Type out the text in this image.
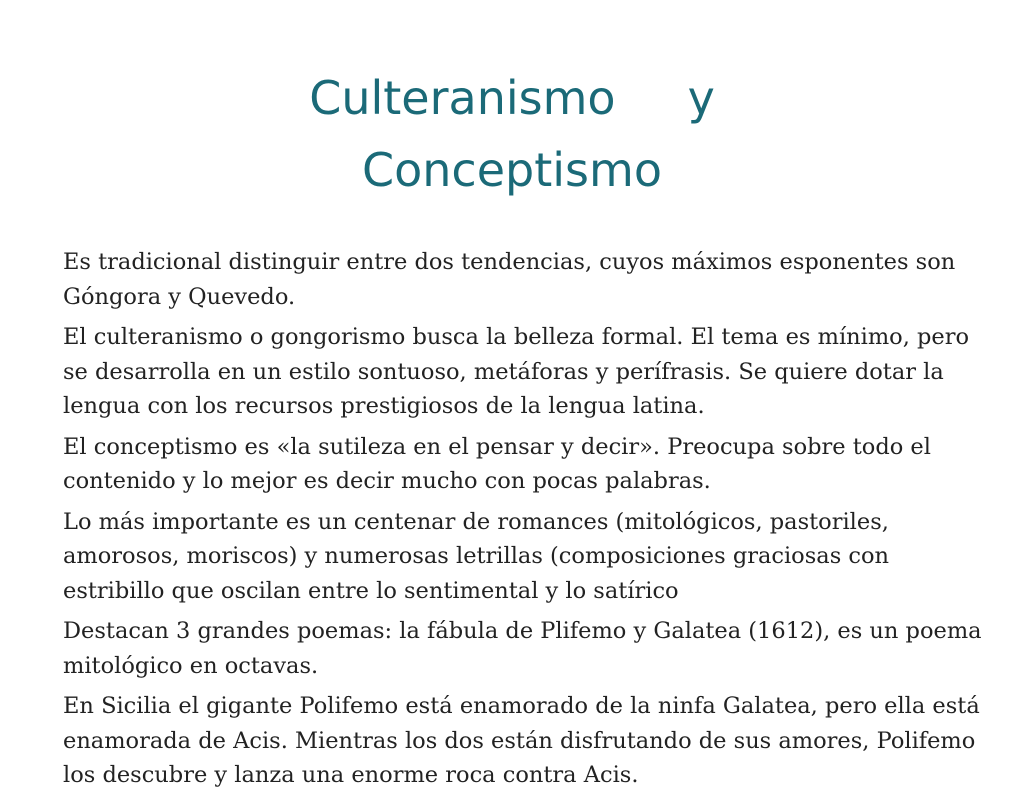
Culteranismo y
Conceptismo

Es tradicional distinguir entre dos tendencias, cuyos máximos esponentes son Góngora y Quevedo.

El culteranismo o gongorismo busca la belleza formal. El tema es mínimo, pero se desarrolla en un estilo sontuoso, metáforas y perífrasis. Se quiere dotar la lengua con los recursos prestigiosos de la lengua latina.

El conceptismo es «la sutileza en el pensar y decir». Preocupa sobre todo el contenido y lo mejor es decir mucho con pocas palabras.

Lo más importante es un centenar de romances (mitológicos, pastoriles, amorosos, moriscos) y numerosas letrillas (composiciones graciosas con estribillo que oscilan entre lo sentimental y lo satírico

Destacan 3 grandes poemas: la fábula de Plifemo y Galatea (1612), es un poema mitológico en octavas.

En Sicilia el gigante Polifemo está enamorado de la ninfa Galatea, pero ella está enamorada de Acis. Mientras los dos están disfrutando de sus amores, Polifemo los descubre y lanza una enorme roca contra Acis.
